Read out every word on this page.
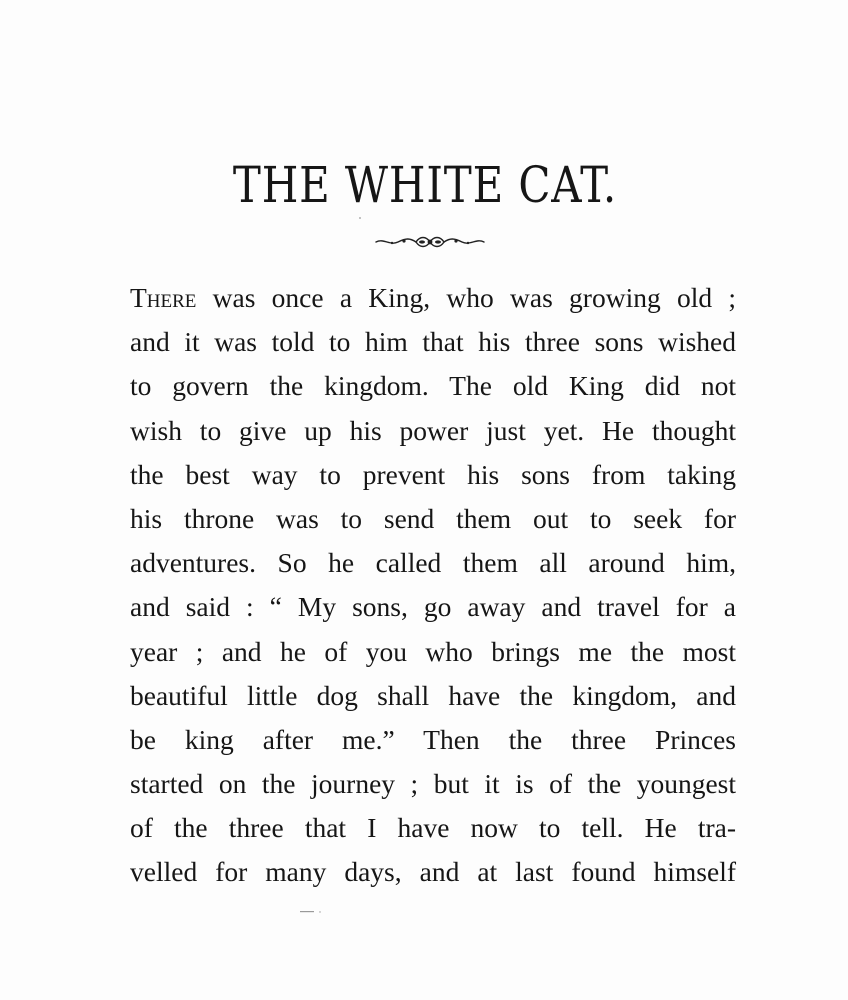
THE WHITE CAT.
There was once a King, who was growing old ;
and it was told to him that his three sons wished
to govern the kingdom. The old King did not
wish to give up his power just yet. He thought
the best way to prevent his sons from taking
his throne was to send them out to seek for
adventures. So he called them all around him,
and said : “ My sons, go away and travel for a
year ; and he of you who brings me the most
beautiful little dog shall have the kingdom, and
be king after me.” Then the three Princes
started on the journey ; but it is of the youngest
of the three that I have now to tell. He tra-
velled for many days, and at last found himself
